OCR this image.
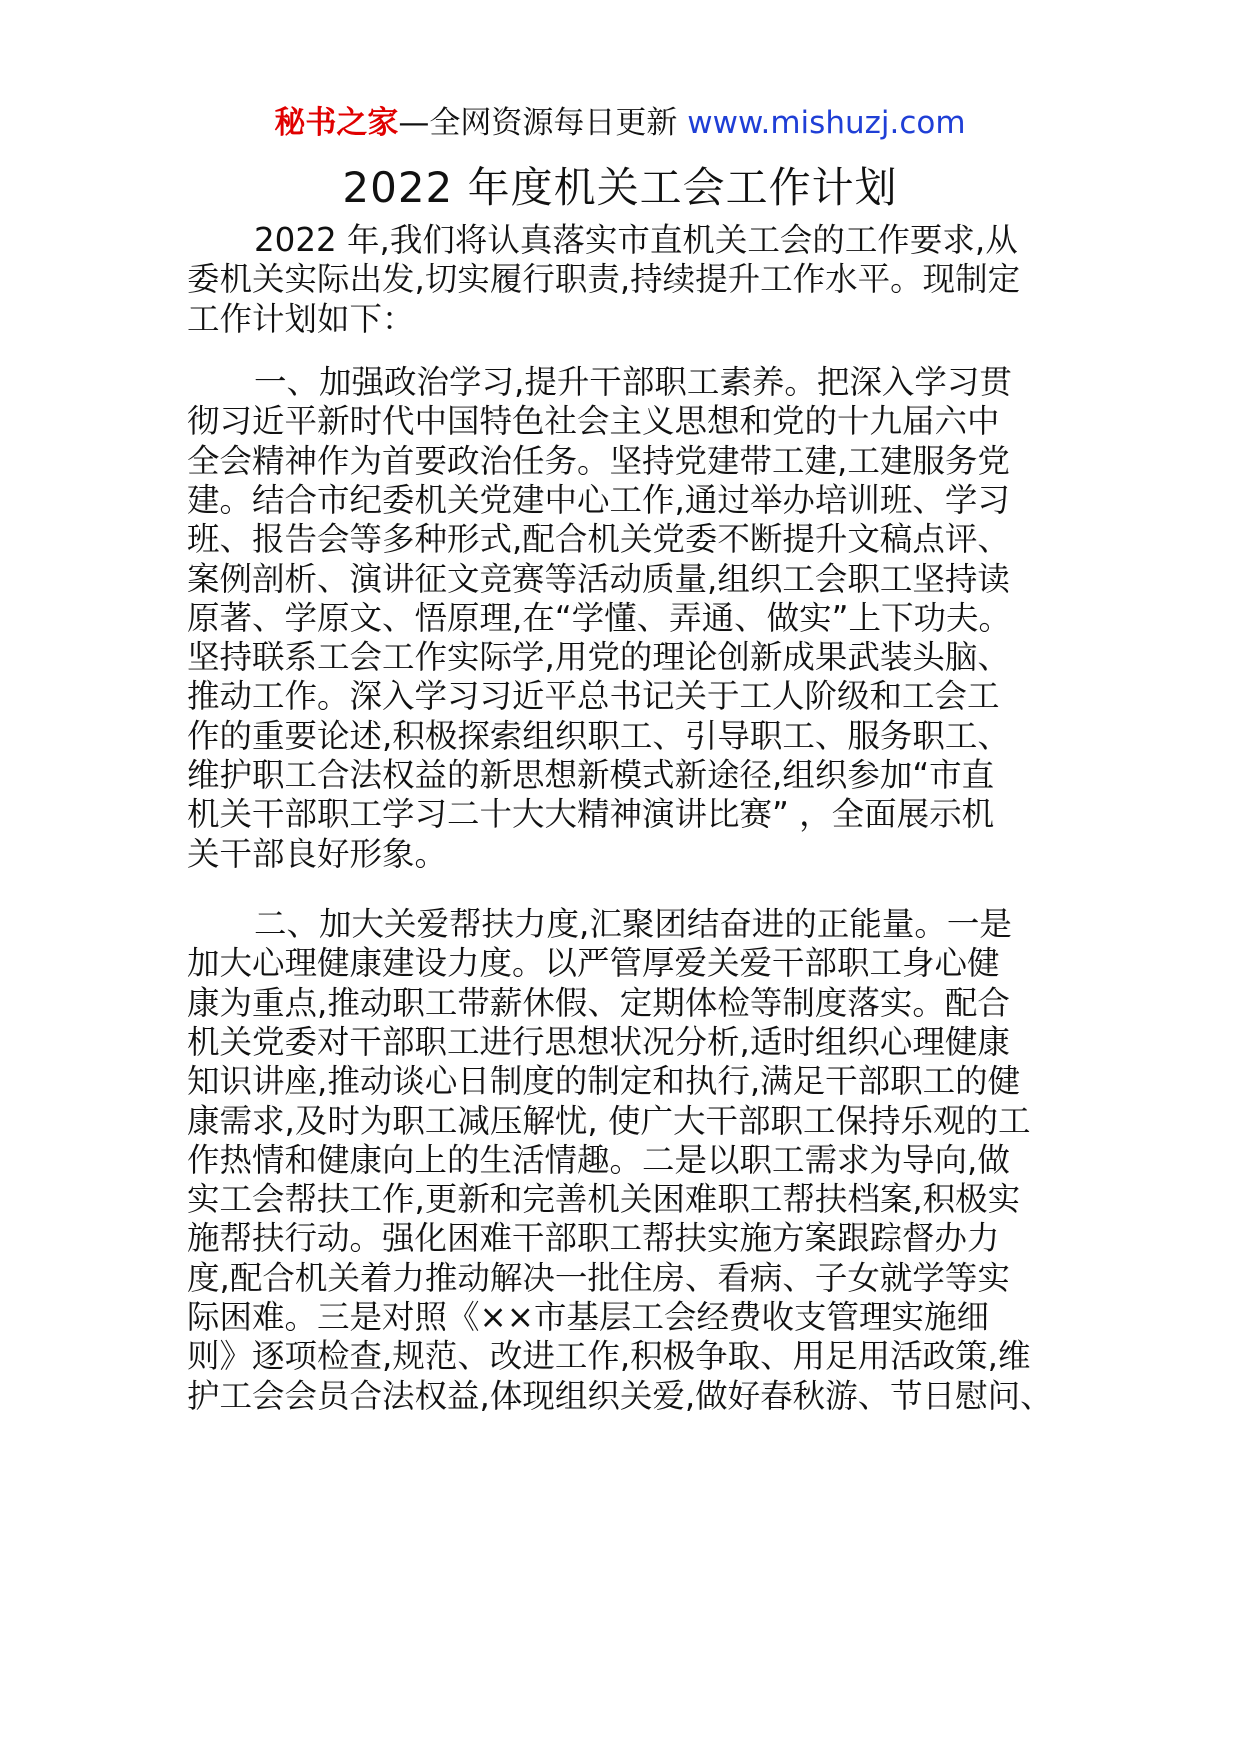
秘书之家—全网资源每日更新 www.mishuzj.com
2022 年度机关工会工作计划
2022 年,我们将认真落实市直机关工会的工作要求,从
委机关实际出发,切实履行职责,持续提升工作水平。现制定
工作计划如下：
一、加强政治学习,提升干部职工素养。把深入学习贯
彻习近平新时代中国特色社会主义思想和党的十九届六中
全会精神作为首要政治任务。坚持党建带工建,工建服务党
建。结合市纪委机关党建中心工作,通过举办培训班、学习
班、报告会等多种形式,配合机关党委不断提升文稿点评、
案例剖析、演讲征文竞赛等活动质量,组织工会职工坚持读
原著、学原文、悟原理,在“学懂、弄通、做实”上下功夫。
坚持联系工会工作实际学,用党的理论创新成果武装头脑、
推动工作。深入学习习近平总书记关于工人阶级和工会工
作的重要论述,积极探索组织职工、引导职工、服务职工、
维护职工合法权益的新思想新模式新途径,组织参加“市直
机关干部职工学习二十大大精神演讲比赛” ，全面展示机
关干部良好形象。
二、加大关爱帮扶力度,汇聚团结奋进的正能量。一是
加大心理健康建设力度。以严管厚爱关爱干部职工身心健
康为重点,推动职工带薪休假、定期体检等制度落实。配合
机关党委对干部职工进行思想状况分析,适时组织心理健康
知识讲座,推动谈心日制度的制定和执行,满足干部职工的健
康需求,及时为职工减压解忧, 使广大干部职工保持乐观的工
作热情和健康向上的生活情趣。二是以职工需求为导向,做
实工会帮扶工作,更新和完善机关困难职工帮扶档案,积极实
施帮扶行动。强化困难干部职工帮扶实施方案跟踪督办力
度,配合机关着力推动解决一批住房、看病、子女就学等实
际困难。三是对照《××市基层工会经费收支管理实施细
则》逐项检查,规范、改进工作,积极争取、用足用活政策,维
护工会会员合法权益,体现组织关爱,做好春秋游、节日慰问、
